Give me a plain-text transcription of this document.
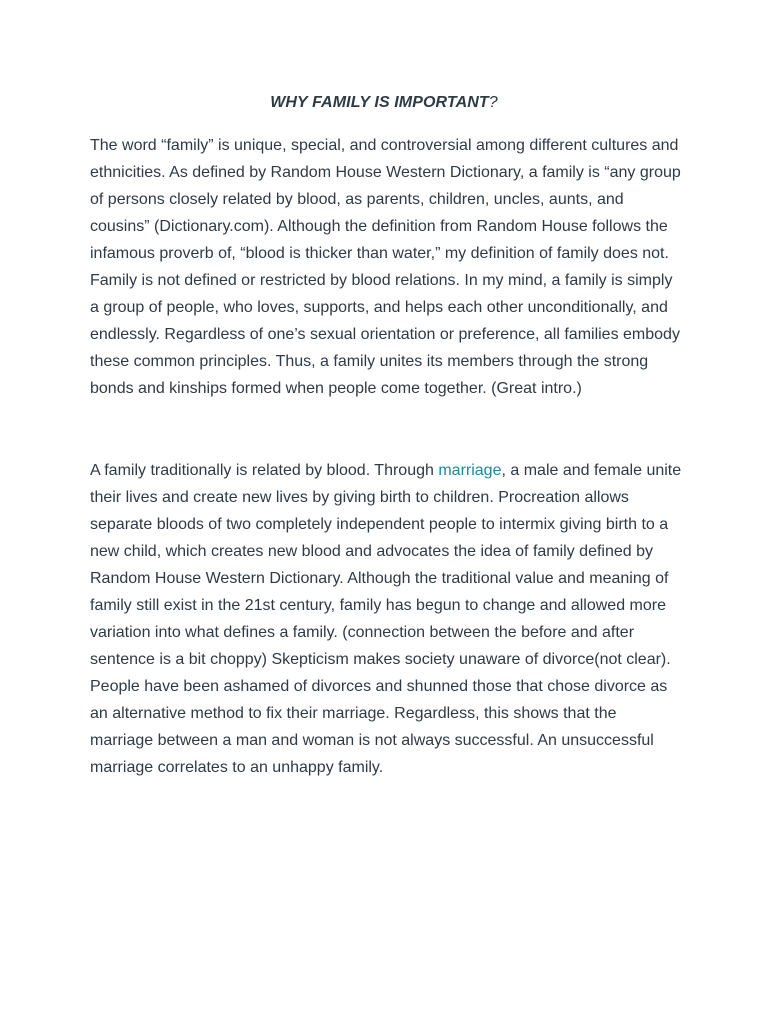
WHY FAMILY IS IMPORTANT?

The word “family” is unique, special, and controversial among different cultures and ethnicities. As defined by Random House Western Dictionary, a family is “any group of persons closely related by blood, as parents, children, uncles, aunts, and cousins” (Dictionary.com). Although the definition from Random House follows the infamous proverb of, “blood is thicker than water,” my definition of family does not. Family is not defined or restricted by blood relations. In my mind, a family is simply a group of people, who loves, supports, and helps each other unconditionally, and endlessly. Regardless of one’s sexual orientation or preference, all families embody these common principles. Thus, a family unites its members through the strong bonds and kinships formed when people come together. (Great intro.)

A family traditionally is related by blood. Through marriage, a male and female unite their lives and create new lives by giving birth to children. Procreation allows separate bloods of two completely independent people to intermix giving birth to a new child, which creates new blood and advocates the idea of family defined by Random House Western Dictionary. Although the traditional value and meaning of family still exist in the 21st century, family has begun to change and allowed more variation into what defines a family. (connection between the before and after sentence is a bit choppy) Skepticism makes society unaware of divorce(not clear). People have been ashamed of divorces and shunned those that chose divorce as an alternative method to fix their marriage. Regardless, this shows that the marriage between a man and woman is not always successful. An unsuccessful marriage correlates to an unhappy family.
